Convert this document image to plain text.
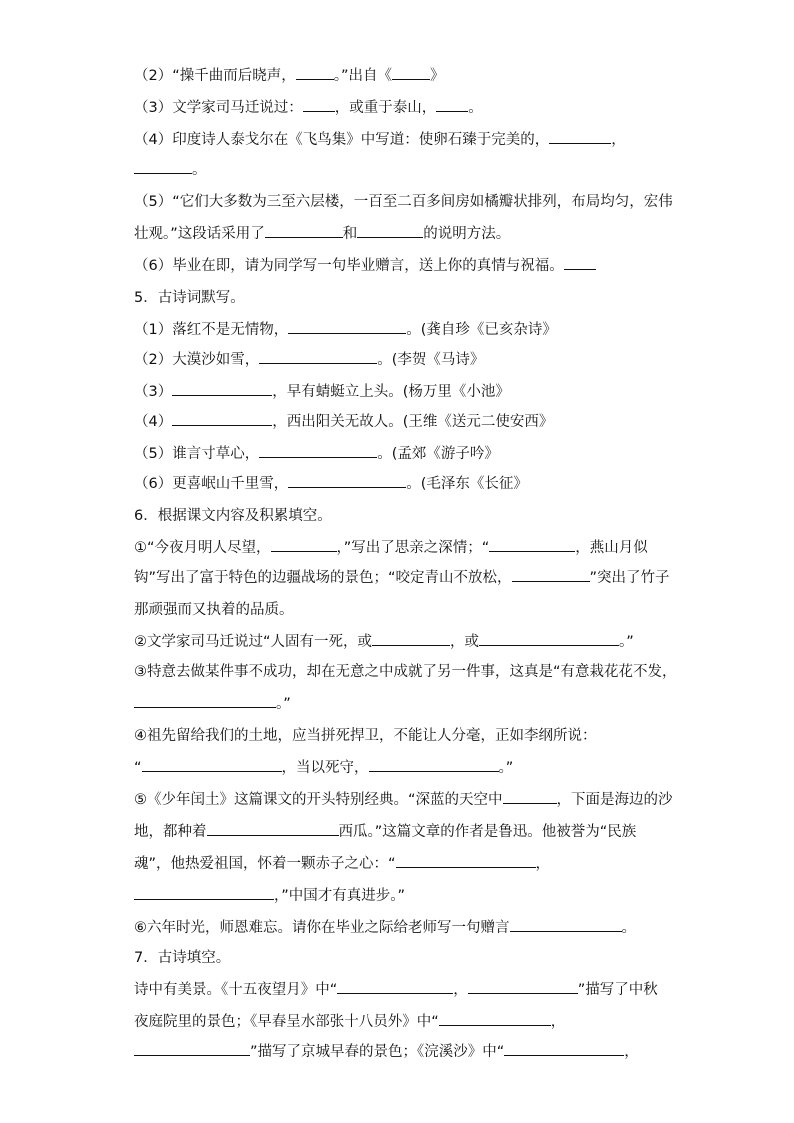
（2）“操千曲而后晓声，	。”出自《	》
（3）文学家司马迁说过： ，或重于泰山， 。
（4）印度诗人泰戈尔在《飞鸟集》中写道：使卵石臻于完美的，	，
。
（5）“它们大多数为三至六层楼，一百至二百多间房如橘瓣状排列，布局均匀，宏伟
壮观。”这段话采用了	和	的说明方法。
（6）毕业在即，请为同学写一句毕业赠言，送上你的真情与祝福。
5．古诗词默写。
（1）落红不是无情物，	。(龚自珍《已亥杂诗》
（2）大漠沙如雪，	。(李贺《马诗》
（3）	，早有蜻蜓立上头。(杨万里《小池》
（4）	，西出阳关无故人。(王维《送元二使安西》
（5）谁言寸草心，	。(孟郊《游子吟》
（6）更喜岷山千里雪，	。(毛泽东《长征》
6．根据课文内容及积累填空。
①“今夜月明人尽望，	，”写出了思亲之深情；“	，燕山月似
钩”写出了富于特色的边疆战场的景色；“咬定青山不放松，	”突出了竹子
那顽强而又执着的品质。
②文学家司马迁说过“人固有一死，或	，或	。”
③特意去做某件事不成功，却在无意之中成就了另一件事，这真是“有意栽花花不发，
。”
④祖先留给我们的土地，应当拼死捍卫，不能让人分毫，正如李纲所说：
“	，当以死守，	。”
⑤《少年闰土》这篇课文的开头特别经典。“深蓝的天空中	，下面是海边的沙
地，都种着	西瓜。”这篇文章的作者是鲁迅。他被誉为“民族
魂”，他热爱祖国，怀着一颗赤子之心：“	，
，”中国才有真进步。”
⑥六年时光，师恩难忘。请你在毕业之际给老师写一句赠言	。
7．古诗填空。
诗中有美景。《十五夜望月》中“	，	”描写了中秋
夜庭院里的景色；《早春呈水部张十八员外》中“	，
”描写了京城早春的景色；《浣溪沙》中“	，
